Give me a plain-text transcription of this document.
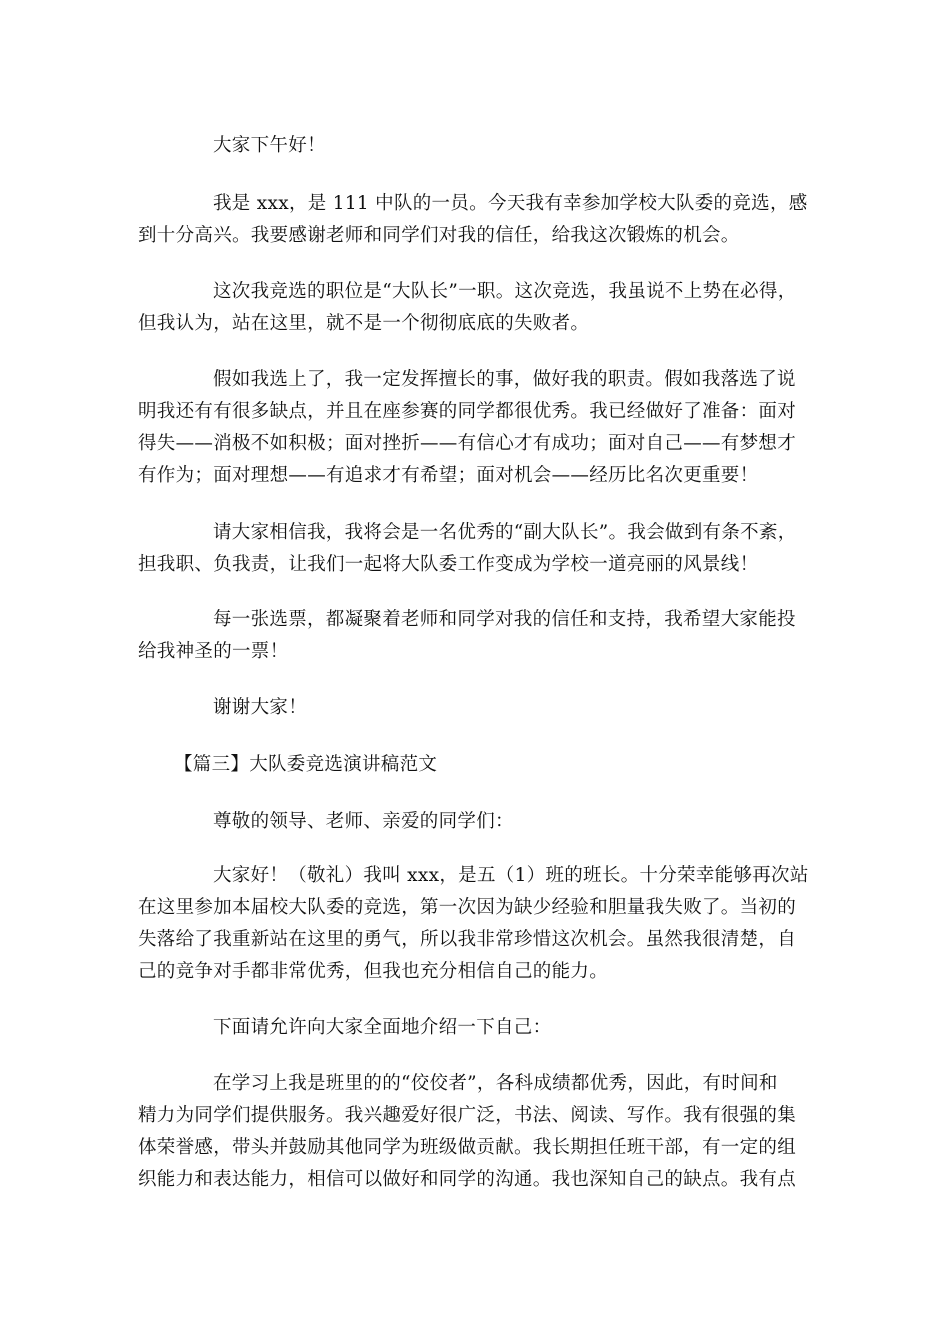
大家下午好！

我是 xxx，是 111 中队的一员。今天我有幸参加学校大队委的竞选，感
到十分高兴。我要感谢老师和同学们对我的信任，给我这次锻炼的机会。

这次我竞选的职位是“大队长”一职。这次竞选，我虽说不上势在必得，
但我认为，站在这里，就不是一个彻彻底底的失败者。

假如我选上了，我一定发挥擅长的事，做好我的职责。假如我落选了说
明我还有有很多缺点，并且在座参赛的同学都很优秀。我已经做好了准备：面对
得失——消极不如积极；面对挫折——有信心才有成功；面对自己——有梦想才
有作为；面对理想——有追求才有希望；面对机会——经历比名次更重要！

请大家相信我，我将会是一名优秀的“副大队长”。我会做到有条不紊，
担我职、负我责，让我们一起将大队委工作变成为学校一道亮丽的风景线！

每一张选票，都凝聚着老师和同学对我的信任和支持，我希望大家能投
给我神圣的一票！

谢谢大家！

【篇三】大队委竞选演讲稿范文

尊敬的领导、老师、亲爱的同学们：

大家好！（敬礼）我叫 xxx，是五（1）班的班长。十分荣幸能够再次站
在这里参加本届校大队委的竞选，第一次因为缺少经验和胆量我失败了。当初的
失落给了我重新站在这里的勇气，所以我非常珍惜这次机会。虽然我很清楚，自
己的竞争对手都非常优秀，但我也充分相信自己的能力。

下面请允许向大家全面地介绍一下自己：

在学习上我是班里的的“佼佼者”，各科成绩都优秀，因此，有时间和
精力为同学们提供服务。我兴趣爱好很广泛，书法、阅读、写作。我有很强的集
体荣誉感，带头并鼓励其他同学为班级做贡献。我长期担任班干部，有一定的组
织能力和表达能力，相信可以做好和同学的沟通。我也深知自己的缺点。我有点
